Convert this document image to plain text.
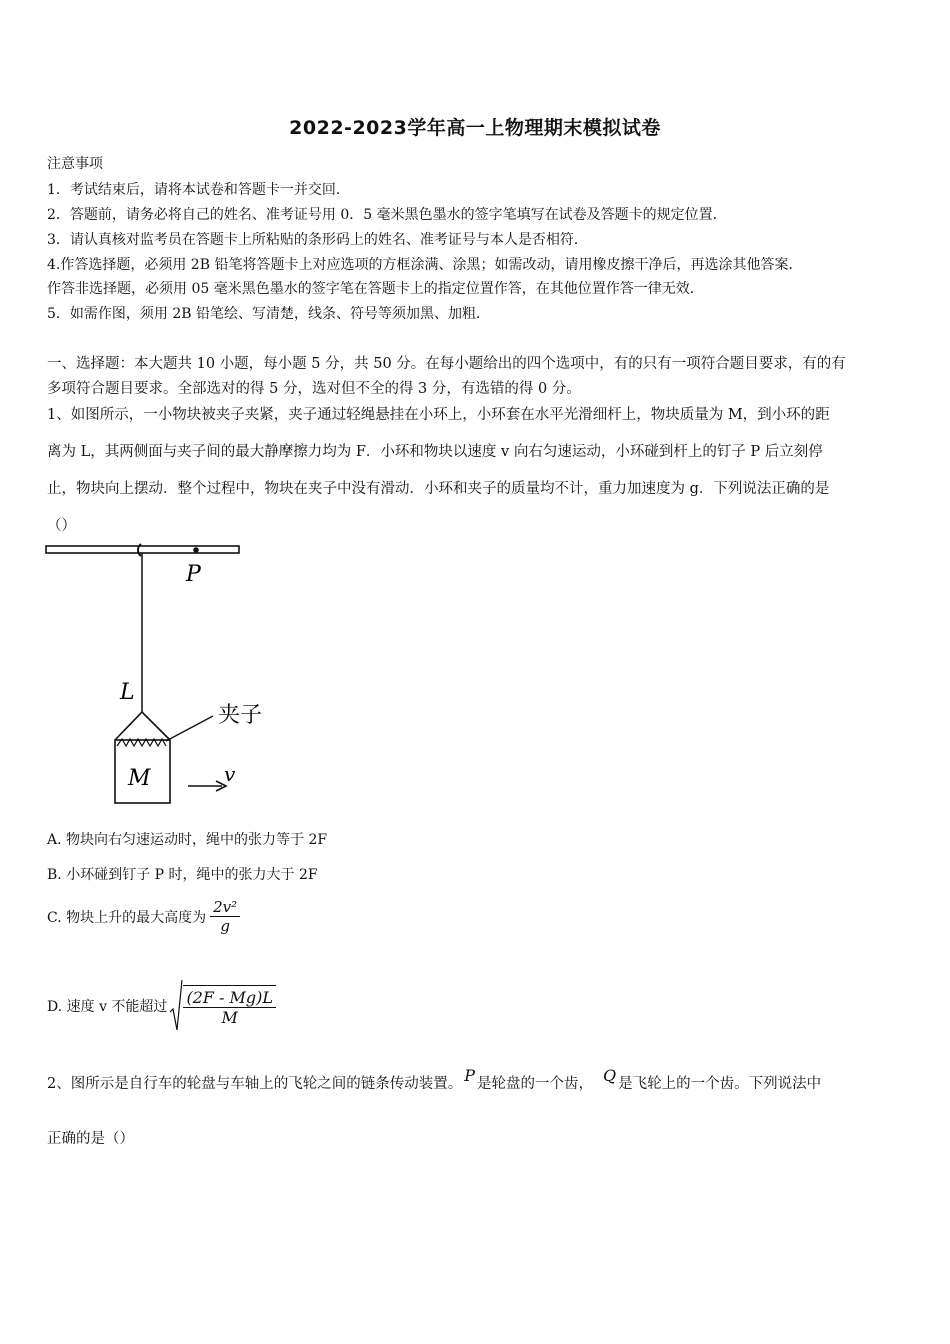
2022-2023学年高一上物理期末模拟试卷
注意事项
1．考试结束后，请将本试卷和答题卡一并交回．
2．答题前，请务必将自己的姓名、准考证号用 0．5 毫米黑色墨水的签字笔填写在试卷及答题卡的规定位置．
3．请认真核对监考员在答题卡上所粘贴的条形码上的姓名、准考证号与本人是否相符．
4.作答选择题，必须用 2B 铅笔将答题卡上对应选项的方框涂满、涂黑；如需改动，请用橡皮擦干净后，再选涂其他答案．
作答非选择题，必须用 05 毫米黑色墨水的签字笔在答题卡上的指定位置作答，在其他位置作答一律无效．
5．如需作图，须用 2B 铅笔绘、写清楚，线条、符号等须加黑、加粗．
一、选择题：本大题共 10 小题，每小题 5 分，共 50 分。在每小题给出的四个选项中，有的只有一项符合题目要求，有的有
多项符合题目要求。全部选对的得 5 分，选对但不全的得 3 分，有选错的得 0 分。
1、如图所示，一小物块被夹子夹紧，夹子通过轻绳悬挂在小环上，小环套在水平光滑细杆上，物块质量为 M，到小环的距
离为 L，其两侧面与夹子间的最大静摩擦力均为 F．小环和物块以速度 v 向右匀速运动，小环碰到杆上的钉子 P 后立刻停
止，物块向上摆动．整个过程中，物块在夹子中没有滑动．小环和夹子的质量均不计，重力加速度为 g．下列说法正确的是
（）
P
L
夹子
M	v
A. 物块向右匀速运动时，绳中的张力等于 2F
B. 小环碰到钉子 P 时，绳中的张力大于 2F
C. 物块上升的最大高度为 $\frac{\text{2v²}}{g}$
D. 速度 v 不能超过 $\frac{(2F - Mg)L}{M}$
2、图所示是自行车的轮盘与车轴上的飞轮之间的链条传动装置。 P 是轮盘的一个齿， Q 是飞轮上的一个齿。下列说法中
正确的是（）
